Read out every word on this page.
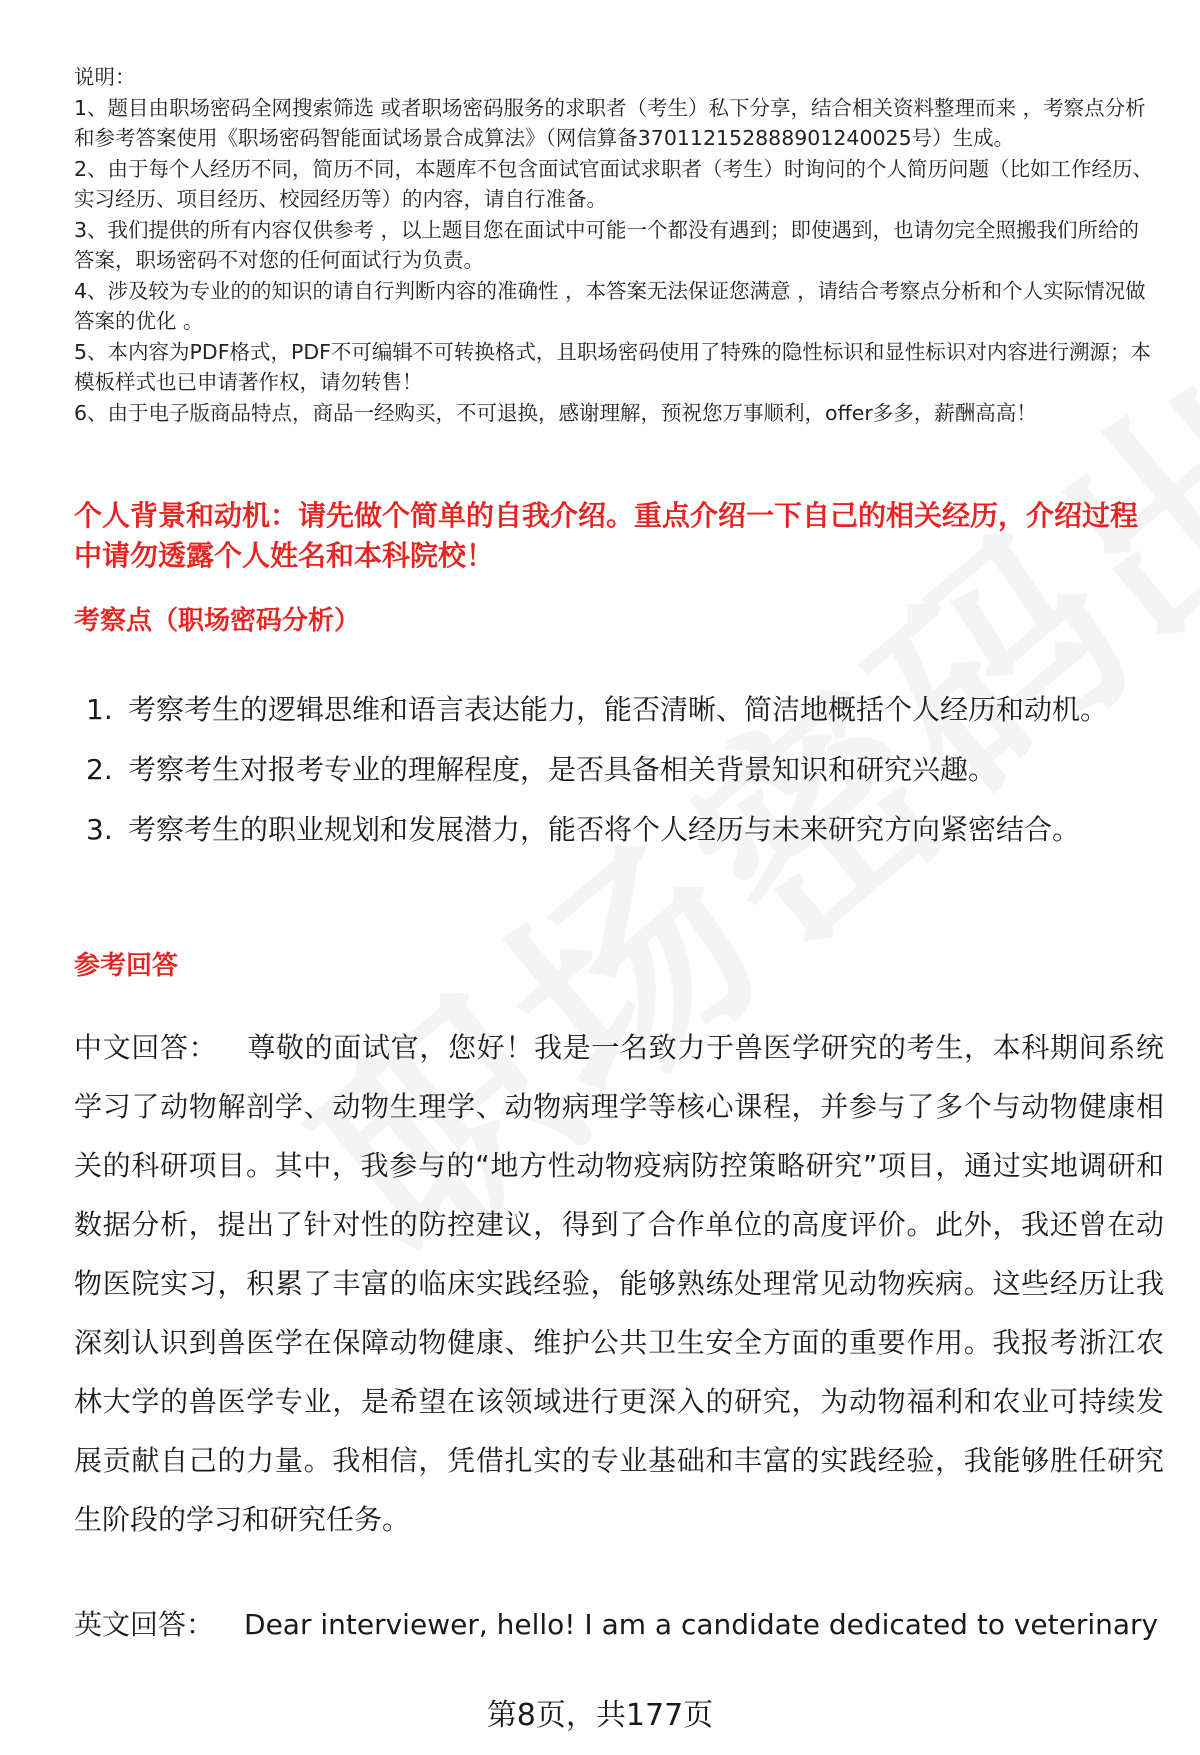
说明：

1、题目由职场密码全网搜索筛选 或者职场密码服务的求职者（考生）私下分享，结合相关资料整理而来 ，考察点分析和参考答案使用《职场密码智能面试场景合成算法》（网信算备370112152888901240025号）生成。

2、由于每个人经历不同，简历不同，本题库不包含面试官面试求职者（考生）时询问的个人简历问题（比如工作经历、实习经历、项目经历、校园经历等）的内容，请自行准备。

3、我们提供的所有内容仅供参考 ，以上题目您在面试中可能一个都没有遇到；即使遇到，也请勿完全照搬我们所给的答案，职场密码不对您的任何面试行为负责。

4、涉及较为专业的的知识的请自行判断内容的准确性 ，本答案无法保证您满意 ，请结合考察点分析和个人实际情况做答案的优化 。

5、本内容为PDF格式，PDF不可编辑不可转换格式，且职场密码使用了特殊的隐性标识和显性标识对内容进行溯源；本模板样式也已申请著作权，请勿转售！

6、由于电子版商品特点，商品一经购买，不可退换，感谢理解，预祝您万事顺利，offer多多，薪酬高高！

个人背景和动机：请先做个简单的自我介绍。重点介绍一下自己的相关经历，介绍过程中请勿透露个人姓名和本科院校！
考察点（职场密码分析）
1. 考察考生的逻辑思维和语言表达能力，能否清晰、简洁地概括个人经历和动机。
2. 考察考生对报考专业的理解程度，是否具备相关背景知识和研究兴趣。
3. 考察考生的职业规划和发展潜力，能否将个人经历与未来研究方向紧密结合。
参考回答
中文回答： 尊敬的面试官，您好！我是一名致力于兽医学研究的考生，本科期间系统学习了动物解剖学、动物生理学、动物病理学等核心课程，并参与了多个与动物健康相关的科研项目。其中，我参与的“地方性动物疫病防控策略研究”项目，通过实地调研和数据分析，提出了针对性的防控建议，得到了合作单位的高度评价。此外，我还曾在动物医院实习，积累了丰富的临床实践经验，能够熟练处理常见动物疾病。这些经历让我深刻认识到兽医学在保障动物健康、维护公共卫生安全方面的重要作用。我报考浙江农林大学的兽医学专业，是希望在该领域进行更深入的研究，为动物福利和农业可持续发展贡献自己的力量。我相信，凭借扎实的专业基础和丰富的实践经验，我能够胜任研究生阶段的学习和研究任务。
英文回答： Dear interviewer, hello! I am a candidate dedicated to veterinary
第8页，共177页
